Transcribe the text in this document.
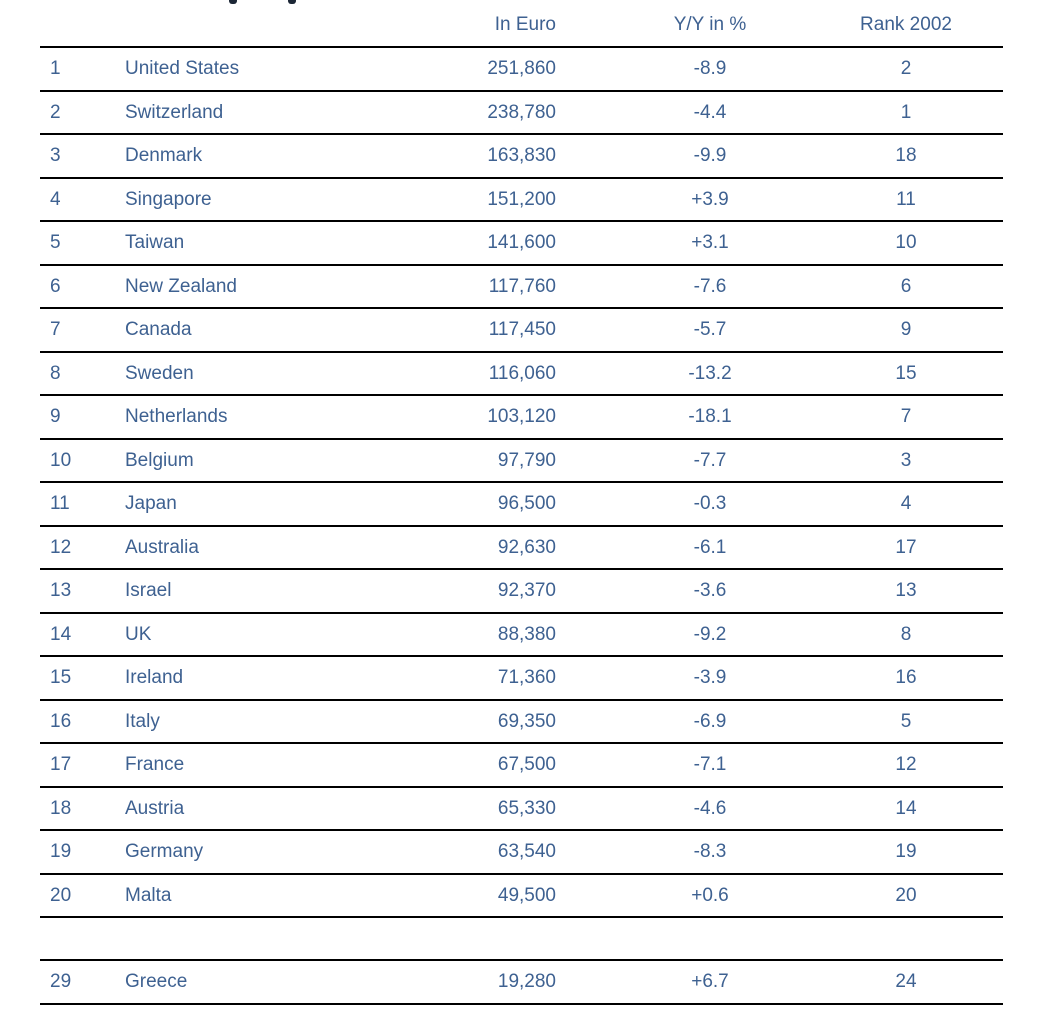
		In Euro	Y/Y in %	Rank 2002
1	United States	251,860	-8.9	2
2	Switzerland	238,780	-4.4	1
3	Denmark	163,830	-9.9	18
4	Singapore	151,200	+3.9	11
5	Taiwan	141,600	+3.1	10
6	New Zealand	117,760	-7.6	6
7	Canada	117,450	-5.7	9
8	Sweden	116,060	-13.2	15
9	Netherlands	103,120	-18.1	7
10	Belgium	97,790	-7.7	3
11	Japan	96,500	-0.3	4
12	Australia	92,630	-6.1	17
13	Israel	92,370	-3.6	13
14	UK	88,380	-9.2	8
15	Ireland	71,360	-3.9	16
16	Italy	69,350	-6.9	5
17	France	67,500	-7.1	12
18	Austria	65,330	-4.6	14
19	Germany	63,540	-8.3	19
20	Malta	49,500	+0.6	20

29	Greece	19,280	+6.7	24
